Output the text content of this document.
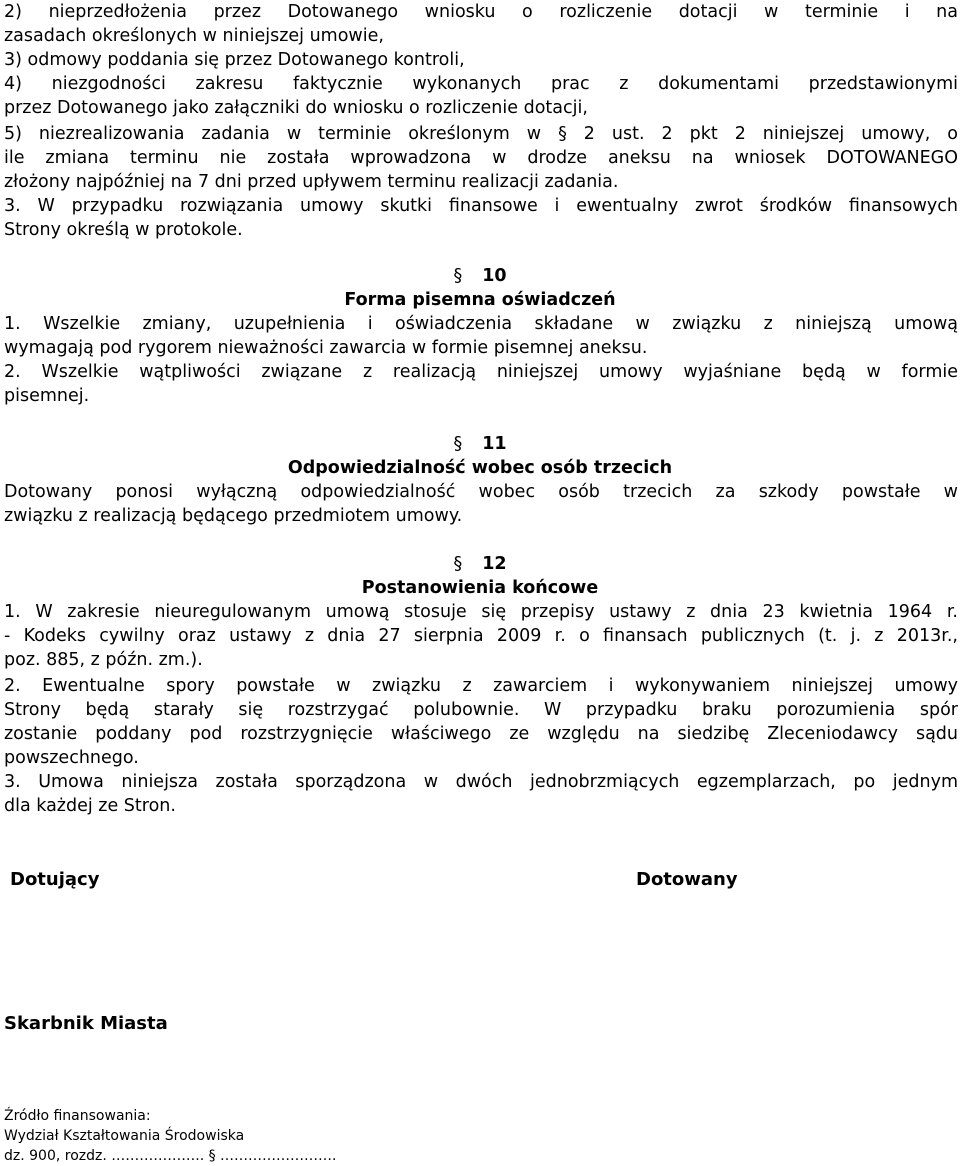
2) nieprzedłożenia przez Dotowanego wniosku o rozliczenie dotacji w terminie i na
zasadach określonych w niniejszej umowie,
3) odmowy poddania się przez Dotowanego kontroli,
4) niezgodności zakresu faktycznie wykonanych prac z dokumentami przedstawionymi
przez Dotowanego jako załączniki do wniosku o rozliczenie dotacji,
5) niezrealizowania zadania w terminie określonym w § 2 ust. 2 pkt 2 niniejszej umowy, o
ile zmiana terminu nie została wprowadzona w drodze aneksu na wniosek DOTOWANEGO
złożony najpóźniej na 7 dni przed upływem terminu realizacji zadania.
3. W przypadku rozwiązania umowy skutki finansowe i ewentualny zwrot środków finansowych
Strony określą w protokole.
§ 10
Forma pisemna oświadczeń
1. Wszelkie zmiany, uzupełnienia i oświadczenia składane w związku z niniejszą umową
wymagają pod rygorem nieważności zawarcia w formie pisemnej aneksu.
2. Wszelkie wątpliwości związane z realizacją niniejszej umowy wyjaśniane będą w formie
pisemnej.
§ 11
Odpowiedzialność wobec osób trzecich
Dotowany ponosi wyłączną odpowiedzialność wobec osób trzecich za szkody powstałe w
związku z realizacją będącego przedmiotem umowy.
§ 12
Postanowienia końcowe
1. W zakresie nieuregulowanym umową stosuje się przepisy ustawy z dnia 23 kwietnia 1964 r.
- Kodeks cywilny oraz ustawy z dnia 27 sierpnia 2009 r. o finansach publicznych (t. j. z 2013r.,
poz. 885, z późn. zm.).
2. Ewentualne spory powstałe w związku z zawarciem i wykonywaniem niniejszej umowy
Strony będą starały się rozstrzygać polubownie. W przypadku braku porozumienia spór
zostanie poddany pod rozstrzygnięcie właściwego ze względu na siedzibę Zleceniodawcy sądu
powszechnego.
3. Umowa niniejsza została sporządzona w dwóch jednobrzmiących egzemplarzach, po jednym
dla każdej ze Stron.
Dotujący	Dotowany
Skarbnik Miasta
Źródło finansowania:
Wydział Kształtowania Środowiska
dz. 900, rozdz. ……………….. § …………………….
